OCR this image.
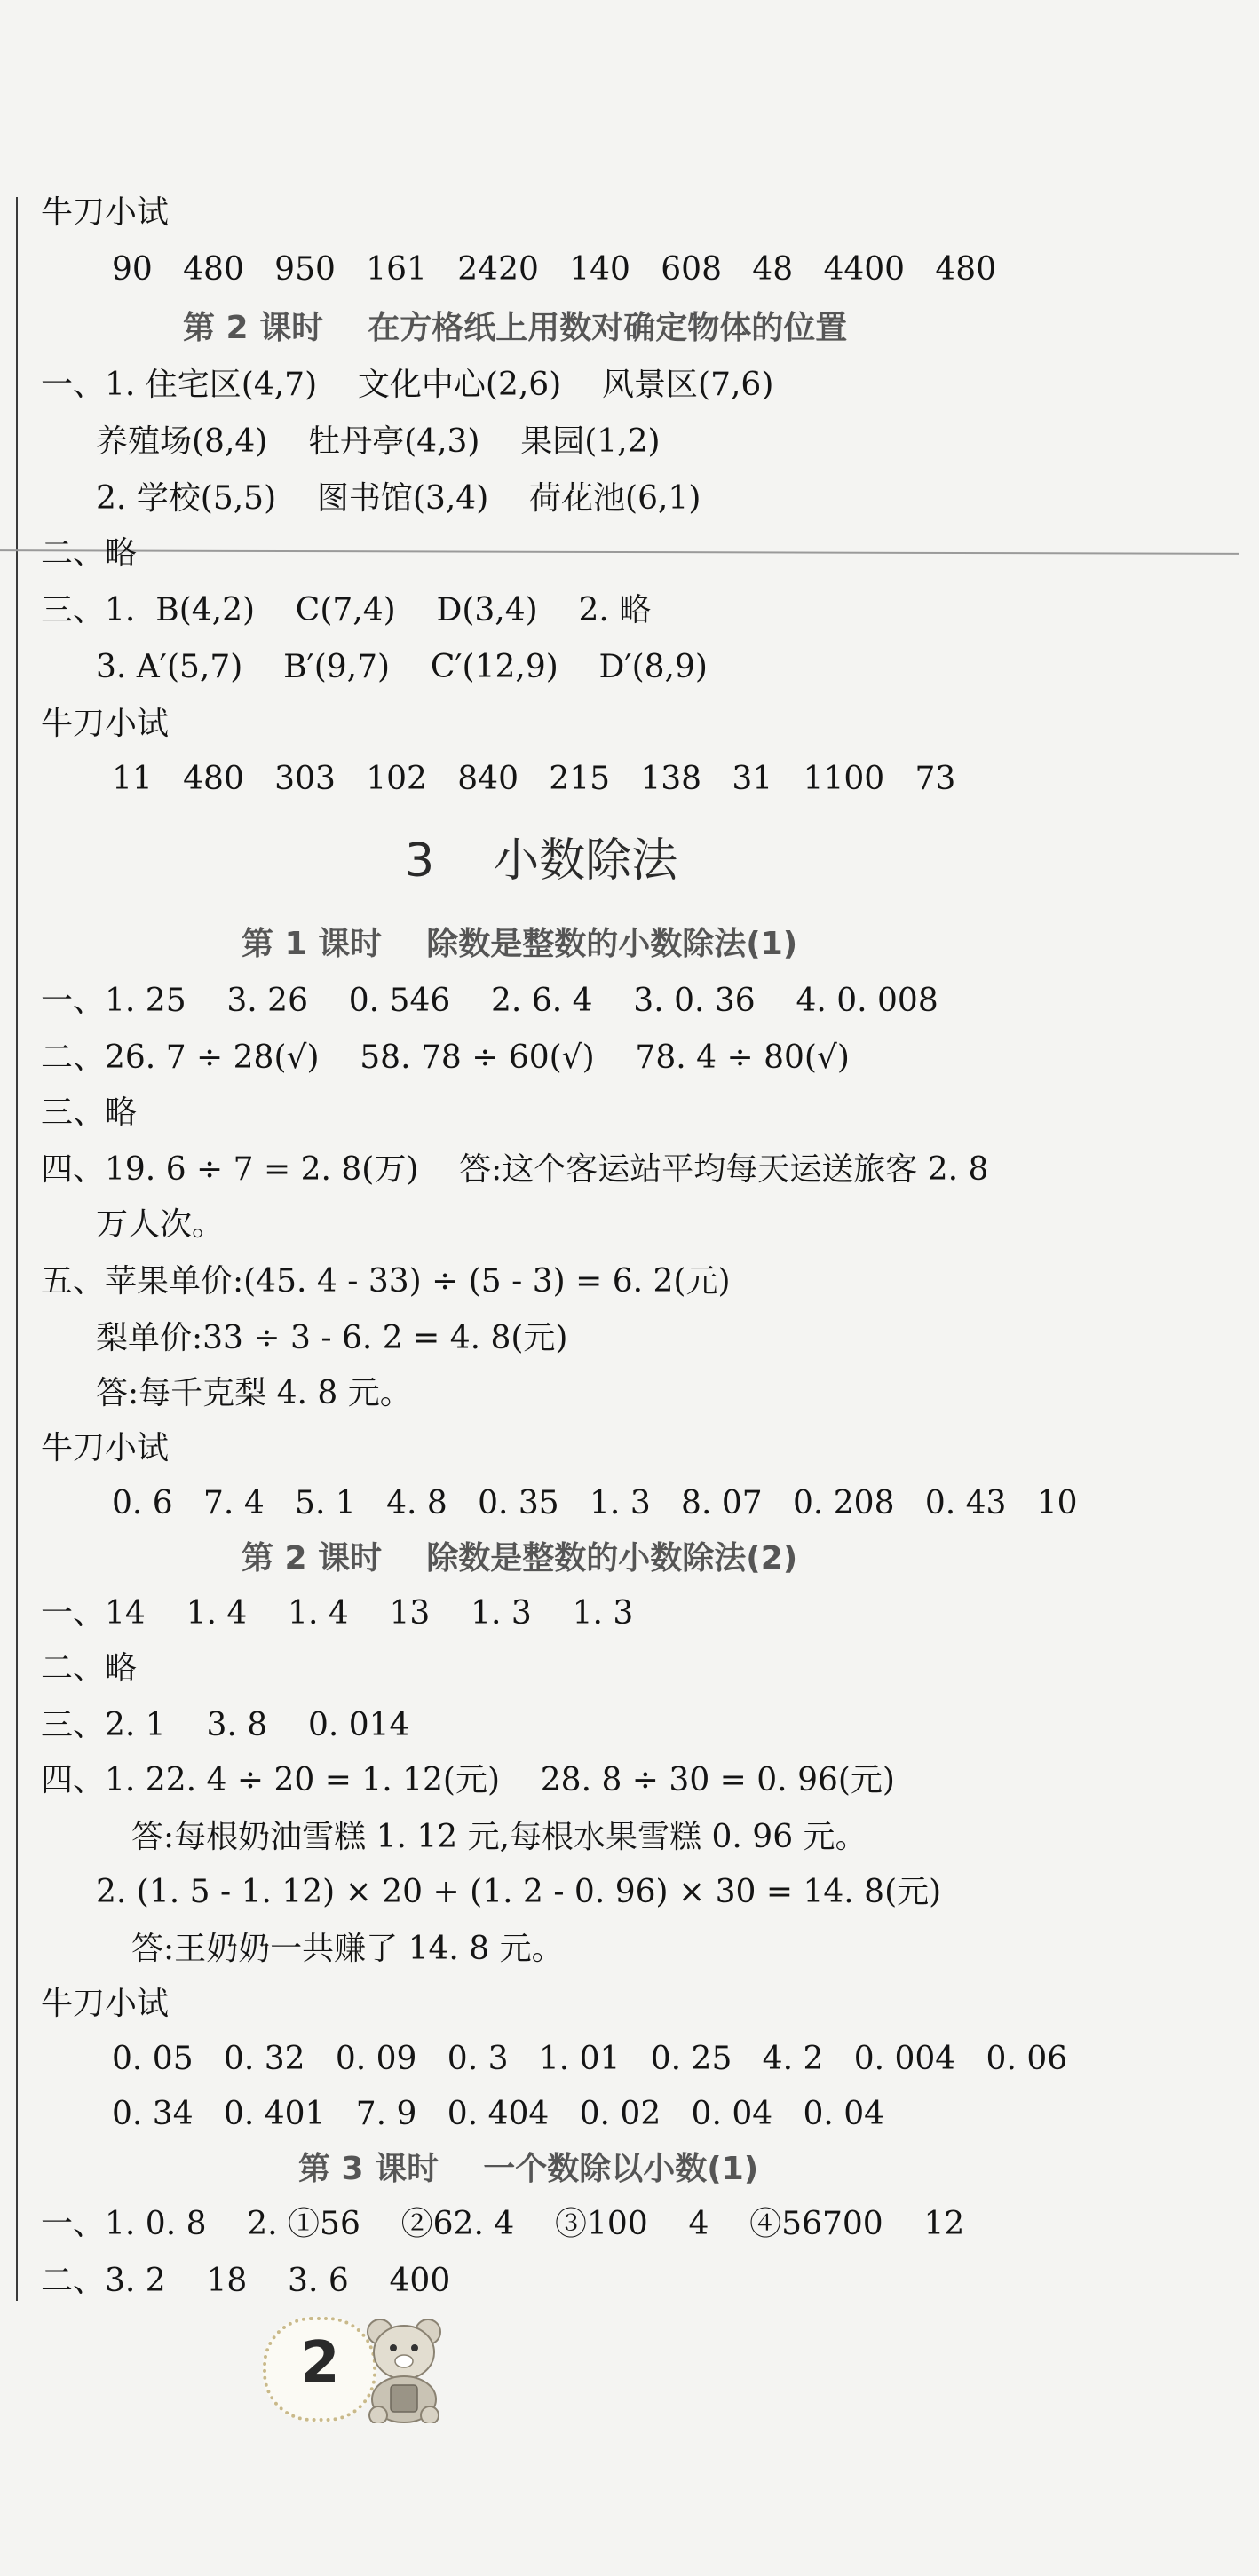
牛刀小试
90   480   950   161   2420   140   608   48   4400   480
第 2 课时    在方格纸上用数对确定物体的位置
一、1. 住宅区(4,7)    文化中心(2,6)    风景区(7,6)
养殖场(8,4)    牡丹亭(4,3)    果园(1,2)
2. 学校(5,5)    图书馆(3,4)    荷花池(6,1)
二、略
三、1.  B(4,2)    C(7,4)    D(3,4)    2. 略
3. A′(5,7)    B′(9,7)    C′(12,9)    D′(8,9)
牛刀小试
11   480   303   102   840   215   138   31   1100   73
3    小数除法
第 1 课时    除数是整数的小数除法(1)
一、1. 25    3. 26    0. 546    2. 6. 4    3. 0. 36    4. 0. 008
二、26. 7 ÷ 28(√)    58. 78 ÷ 60(√)    78. 4 ÷ 80(√)
三、略
四、19. 6 ÷ 7 = 2. 8(万)    答:这个客运站平均每天运送旅客 2. 8
万人次。
五、苹果单价:(45. 4 - 33) ÷ (5 - 3) = 6. 2(元)
梨单价:33 ÷ 3 - 6. 2 = 4. 8(元)
答:每千克梨 4. 8 元。
牛刀小试
0. 6   7. 4   5. 1   4. 8   0. 35   1. 3   8. 07   0. 208   0. 43   10
第 2 课时    除数是整数的小数除法(2)
一、14    1. 4    1. 4    13    1. 3    1. 3
二、略
三、2. 1    3. 8    0. 014
四、1. 22. 4 ÷ 20 = 1. 12(元)    28. 8 ÷ 30 = 0. 96(元)
答:每根奶油雪糕 1. 12 元,每根水果雪糕 0. 96 元。
2. (1. 5 - 1. 12) × 20 + (1. 2 - 0. 96) × 30 = 14. 8(元)
答:王奶奶一共赚了 14. 8 元。
牛刀小试
0. 05   0. 32   0. 09   0. 3   1. 01   0. 25   4. 2   0. 004   0. 06
0. 34   0. 401   7. 9   0. 404   0. 02   0. 04   0. 04
第 3 课时    一个数除以小数(1)
一、1. 0. 8    2. ①56    ②62. 4    ③100    4    ④56700    12
二、3. 2    18    3. 6    400
2
